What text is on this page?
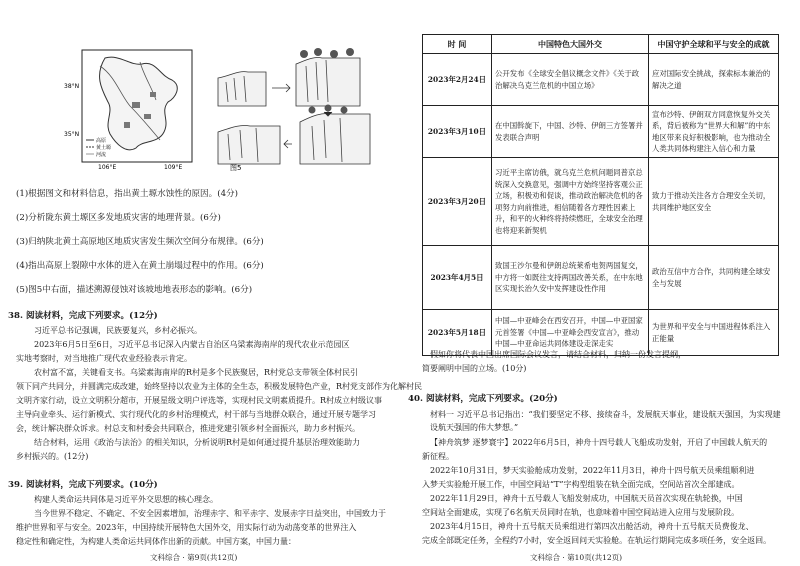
38°N
35°N
106°E	109°E
高原
黄土塬
河流
图5
(1)根据图文和材料信息，指出黄土塬水蚀性的原因。(4分)
(2)分析陇东黄土塬区多发地质灾害的地理背景。(6分)
(3)归纳陕北黄土高原地区地质灾害发生频次空间分布规律。(6分)
(4)指出高原上裂隙中水体的进入在黄土崩塌过程中的作用。(6分)
(5)图5中右面，描述溯源侵蚀对该坡地地表形态的影响。(6分)
38. 阅读材料，完成下列要求。(12分)
习近平总书记强调，民族要复兴，乡村必振兴。
2023年6月5日至6日，习近平总书记深入内蒙古自治区乌梁素海南岸的现代农业示范园区
实地考察时，对当地推广现代农业经验表示肯定。
农村富不富，关键看支书。乌梁素海南岸的R村是多个民族聚居，R村党总支带领全体村民引
领下同产共同分，并圆满完成改建，始终坚持以农业为主体的全生态，积极发展特色产业，R村党支部作为化解村民
文明齐家行动，设立文明积分超市，开展星级文明户评选等，实现村民文明素质提升。R村成立村级议事
主导向业牵头、运行新模式、实行现代化的乡村治理模式，村干部与当地群众联合，通过开展专题学习
会，统计解决群众诉求。村总支和村委会共同联合，推进党建引领乡村全面振兴，助力乡村振兴。
结合材料，运用《政治与法治》的相关知识，分析说明R村是如何通过提升基层治理效能助力
乡村振兴的。(12分)
39. 阅读材料，完成下列要求。(10分)
构建人类命运共同体是习近平外交思想的核心理念。
当今世界不稳定、不确定、不安全因素增加，治理赤字、和平赤字、发展赤字日益突出，中国致力于
维护世界和平与安全。2023年，中国持续开展特色大国外交，用实际行动为动荡变革的世界注入
稳定性和确定性，为构建人类命运共同体作出新的贡献。中国方案，中国力量：
文科综合 · 第9页(共12页)
时 间	中国特色大国外交	中国守护全球和平与安全的成就
2023年2月24日	公开发布《全球安全倡议概念文件》《关于政治解决乌克兰危机的中国立场》	应对国际安全挑战，探索标本兼治的解决之道
2023年3月10日	在中国斡旋下，中国、沙特、伊朗三方签署并发表联合声明	宣布沙特、伊朗双方同意恢复外交关系，背后被称为“世界大和解”的中东地区带来良好积极影响，也为推动全人类共同体构建注入信心和力量
2023年3月20日	习近平主席访俄，就乌克兰危机问题同普京总统深入交换意见，强调中方始终坚持客观公正立场，积极劝和促谈，推动政治解决危机的各项努力向前推进，相信随着各方理性因素上升，和平的火种终将持续燃旺，全球安全治理也将迎来新契机	致力于推动关注各方合理安全关切，共同维护地区安全
2023年4月5日	致国王沙尔曼和伊朗总统莱希电贺两国复交，中方将一如既往支持两国改善关系，在中东地区实现长治久安中发挥建设性作用	政治互信中方合作，共同构建全球安全与发展
2023年5月18日	中国—中亚峰会在西安召开，中国—中亚国家元首签署《中国—中亚峰会西安宣言》，推动中国—中亚命运共同体建设走深走实	为世界和平安全与中国进程体系注入正能量
假如你将代表中国出席国际会议发言，请结合材料，归纳一份发言提纲，
简要阐明中国的立场。(10分)
40. 阅读材料，完成下列要求。(20分)
材料一 习近平总书记指出：“我们要坚定不移、接续奋斗，发展航天事业，建设航天强国，为实现建设航天强国的伟大梦想。”
【神舟筑梦 逐梦寰宇】2022年6月5日，神舟十四号载人飞船成功发射，开启了中国载人航天的
新征程。
2022年10月31日，梦天实验舱成功发射，2022年11月3日，神舟十四号航天员乘组顺利进
入梦天实验舱开展工作，中国空间站“T”字构型组装在轨全面完成，空间站首次全部建成。
2022年11月29日，神舟十五号载人飞船发射成功，中国航天员首次实现在轨轮换，中国
空间站全面建成，实现了6名航天员同时在轨，也意味着中国空间站进入应用与发展阶段。
2023年4月15日，神舟十五号航天员乘组进行第四次出舱活动，神舟十五号航天员费俊龙、
完成全部既定任务，全程约7小时，安全返回问天实验舱。在轨运行期间完成多项任务，安全返回。
文科综合 · 第10页(共12页)
